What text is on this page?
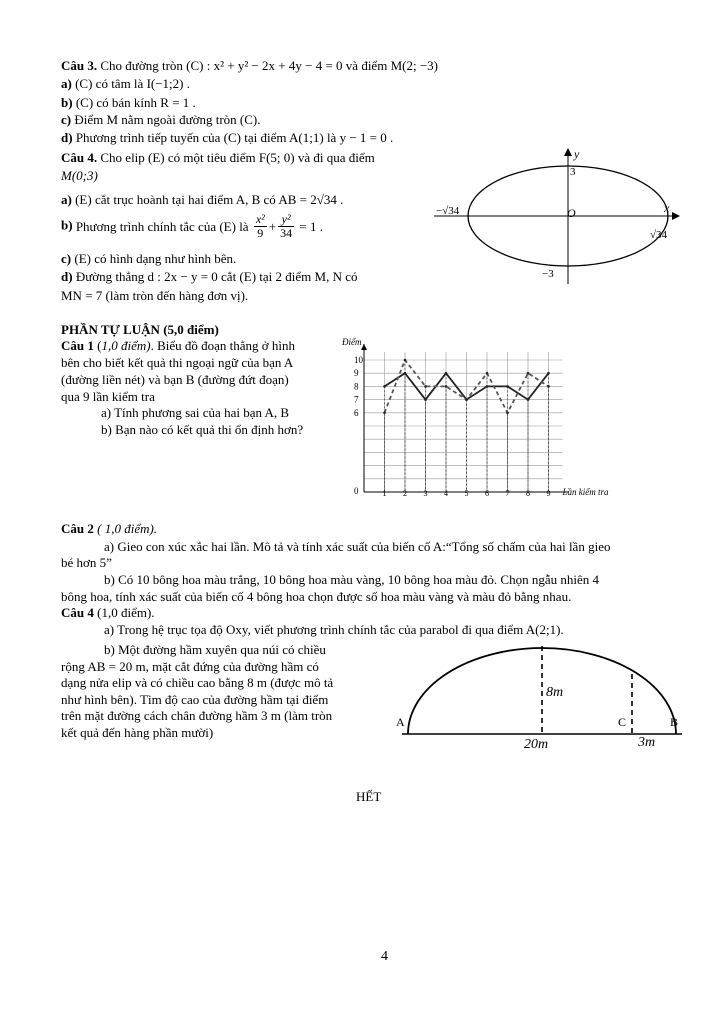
Câu 3. Cho đường tròn (C) : x² + y² − 2x + 4y − 4 = 0 và điểm M(2; −3)
a) (C) có tâm là I(−1;2) .
b) (C) có bán kính R = 1 .
c) Điểm M nằm ngoài đường tròn (C).
d) Phương trình tiếp tuyến của (C) tại điểm A(1;1) là y − 1 = 0 .
Câu 4. Cho elip (E) có một tiêu điểm F(5; 0) và đi qua điểm
M(0;3)
a) (E) cắt trục hoành tại hai điểm A, B có AB = 2√34 .
b) Phương trình chính tắc của (E) là $\frac{\text{x²}}{9} + \frac{\text{y²}}{34} = 1$ .
c) (E) có hình dạng như hình bên.
d) Đường thẳng d : 2x − y = 0 cắt (E) tại 2 điểm M, N có
MN = 7 (làm tròn đến hàng đơn vị).
y
x
O
3
−3
−√34
√34
PHẦN TỰ LUẬN (5,0 điểm)
Câu 1 (1,0 điểm). Biểu đồ đoạn thẳng ở hình
bên cho biết kết quả thi ngoại ngữ của bạn A
(đường liền nét) và bạn B (đường đứt đoạn)
qua 9 lần kiểm tra
a) Tính phương sai của hai bạn A, B
b) Bạn nào có kết quả thi ổn định hơn?
1 2 3 4 5 6 7 8 9
6
7
8
9
10
0
Điểm
Lần kiểm tra
Câu 2 ( 1,0 điểm).
a) Gieo con xúc xắc hai lần. Mô tả và tính xác suất của biến cố A:“Tổng số chấm của hai lần gieo
bé hơn 5”
b) Có 10 bông hoa màu trắng, 10 bông hoa màu vàng, 10 bông hoa màu đỏ. Chọn ngẫu nhiên 4
bông hoa, tính xác suất của biến cố 4 bông hoa chọn được số hoa màu vàng và màu đỏ bằng nhau.
Câu 4 (1,0 điểm).
a) Trong hệ trục tọa độ Oxy, viết phương trình chính tắc của parabol đi qua điểm A(2;1).
b) Một đường hầm xuyên qua núi có chiều
rộng AB = 20 m, mặt cắt đứng của đường hầm có
dạng nửa elip và có chiều cao bằng 8 m (được mô tả
như hình bên). Tìm độ cao của đường hầm tại điểm
trên mặt đường cách chân đường hầm 3 m (làm tròn
kết quả đến hàng phần mười)
A	B
C
8m
20m	3m
HẾT
4
